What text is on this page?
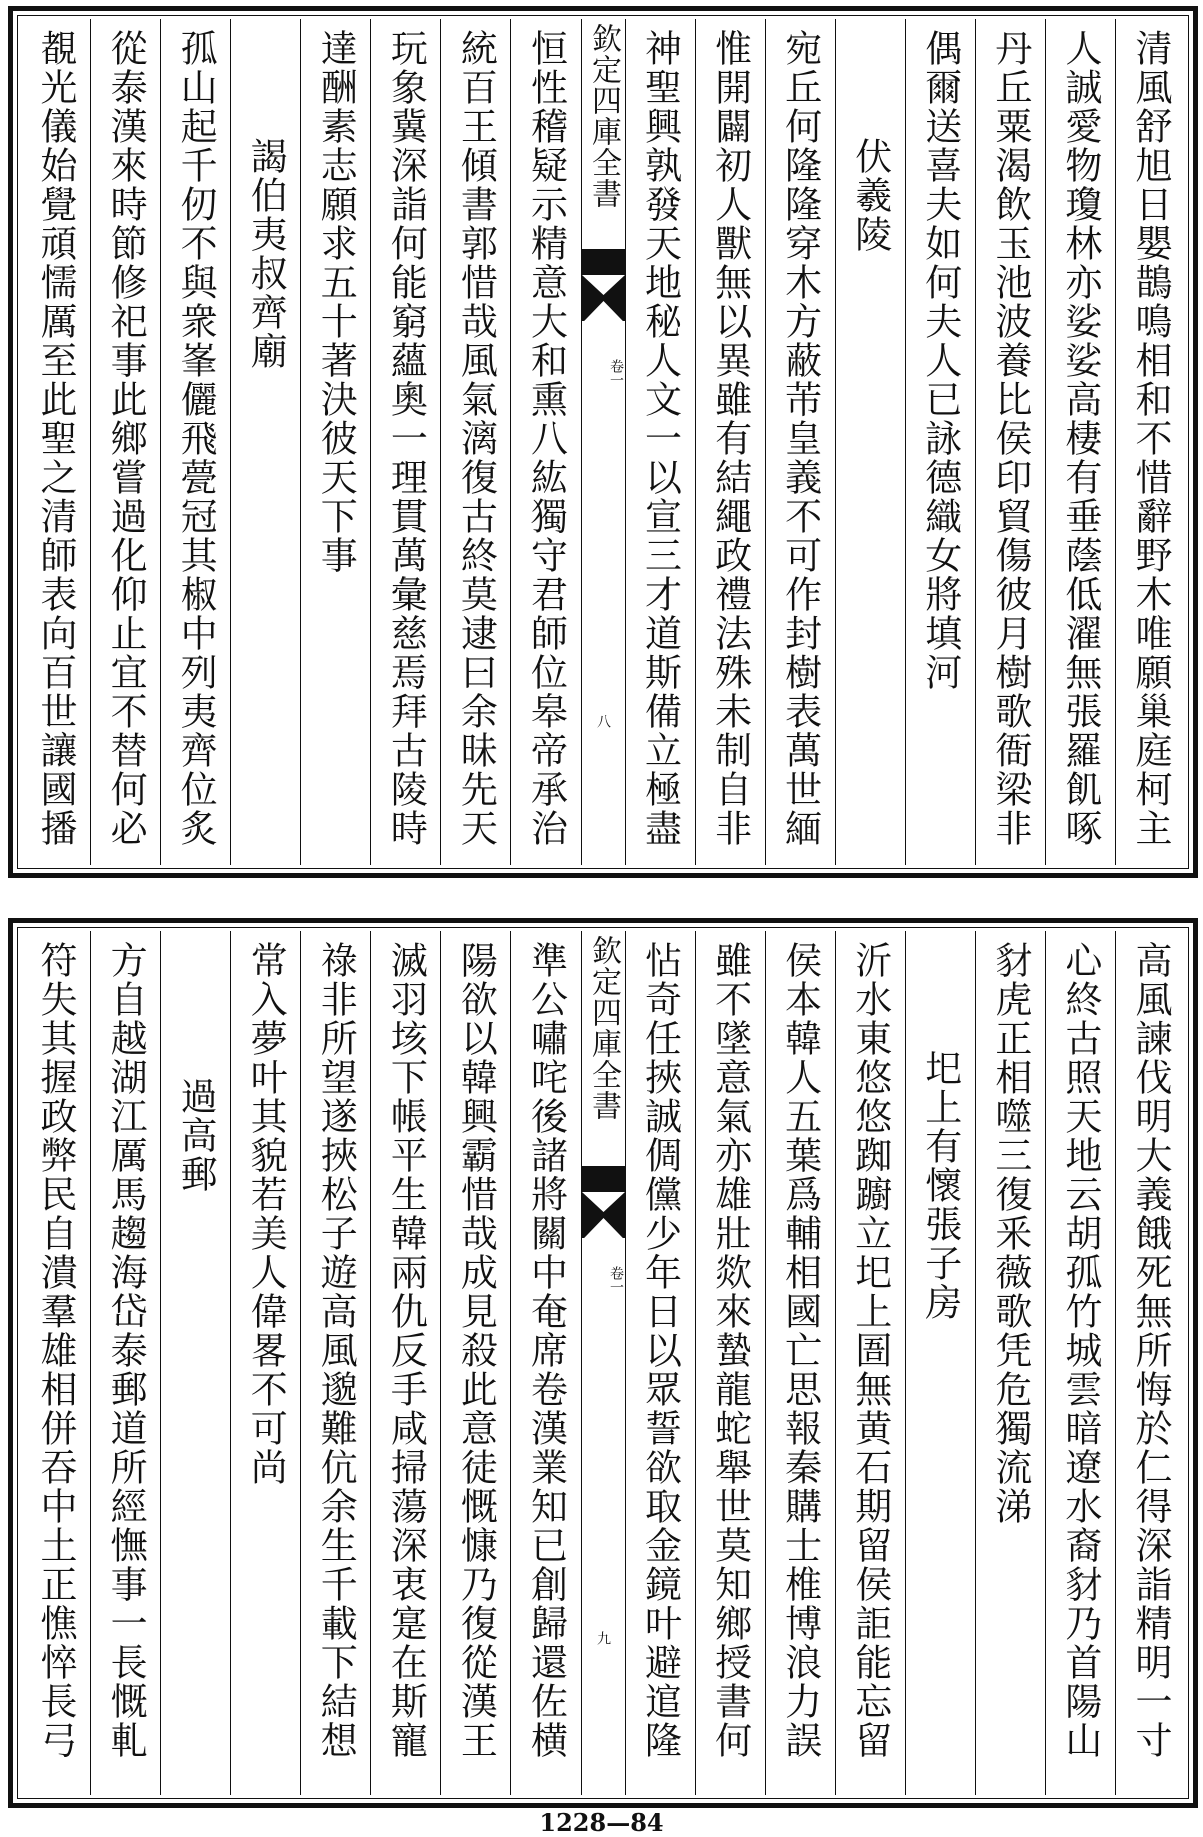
清風舒旭日嬰鵲鳴相和不惜辭野木唯願巢庭柯主
人誠愛物瓊林亦娑娑高棲有垂蔭低濯無張羅飢啄
丹丘粟渴飲玉池波養比侯印貿傷彼月樹歌衙梁非
偶爾送喜夫如何夫人已詠德織女將填河
伏羲陵
宛丘何隆隆穿木方蔽芾皇義不可作封樹表萬世緬
惟開闢初人獸無以異雖有結繩政禮法殊未制自非
神聖興孰發天地秘人文一以宣三才道斯備立極盡
欽定四庫全書
卷一
八
恒性稽疑示精意大和熏八紘獨守君師位皋帝承治
統百王傾書郭惜哉風氣漓復古終莫逮曰余昧先天
玩象冀深詣何能窮蘊奧一理貫萬彙慈焉拜古陵時
達酬素志願求五十著決彼天下事
謁伯夷叔齊廟
孤山起千仞不與衆峯儷飛甍冠其椒中列夷齊位炙
從泰漢來時節修祀事此鄉嘗過化仰止宜不替何必
覩光儀始覺頑懦厲至此聖之清師表向百世讓國播
高風諫伐明大義餓死無所悔於仁得深詣精明一寸
心終古照天地云胡孤竹城雲暗遼水裔豺乃首陽山
豺虎正相噬三復釆薇歌凭危獨流涕
圯上有懷張子房
沂水東悠悠踟躕立圯上圄無黄石期留侯詎能忘留
侯本韓人五葉爲輔相國亡思報秦購士椎博浪力誤
雖不墜意氣亦雄壯欻來蟄龍蛇舉世莫知鄉授書何
怗奇任挾誠倜儻少年日以眾誓欲取金鏡叶避逭隆
欽定四庫全書
卷一
九
準公嘯咤後諸將關中奄席卷漢業知已創歸還佐横
陽欲以韓興霸惜哉成見殺此意徒慨慷乃復從漢王
滅羽垓下帳平生韓兩仇反手咸掃蕩深衷寔在斯寵
祿非所望遂挾松子遊高風邈難伉余生千載下結想
常入夢叶其貌若美人偉畧不可尚
過高郵
方自越湖江厲馬趨海岱泰郵道所經憮事一長慨軋
符失其握政弊民自潰羣雄相併吞中土正憔悴長弓
1228—84
